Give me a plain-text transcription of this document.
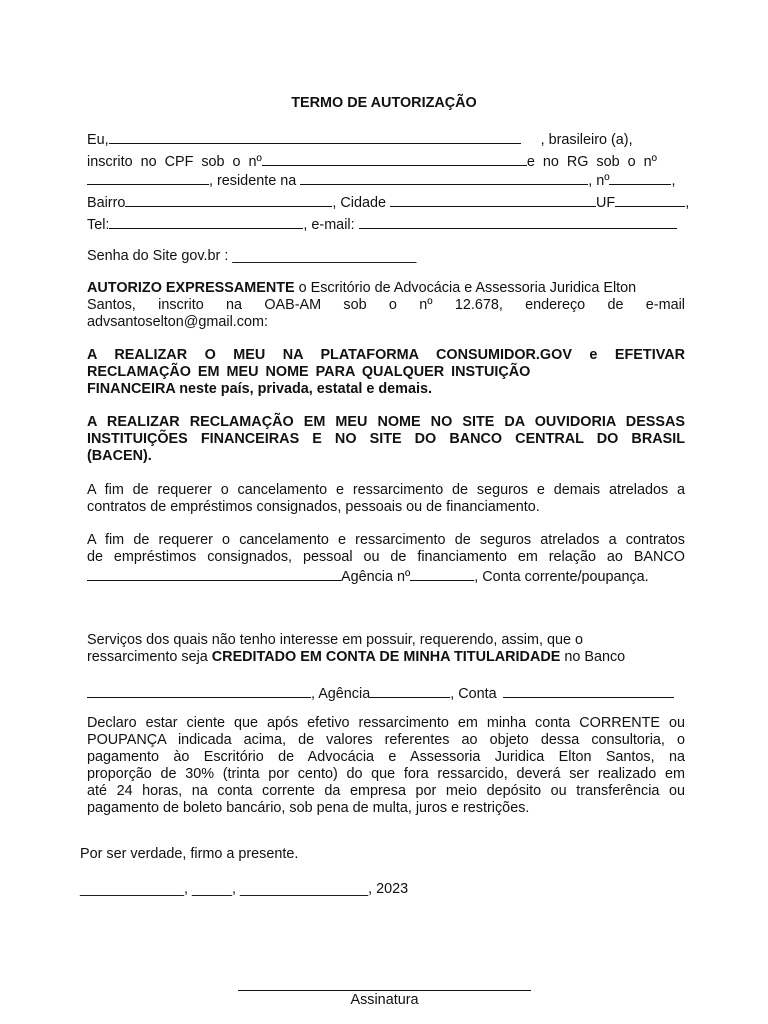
TERMO DE AUTORIZAÇÃO
Eu,	, brasileiro (a),
inscrito  no  CPF  sob  o  nº	e  no  RG  sob  o  nº
, residente na	, nº	,
Bairro	, Cidade	UF	,
Tel:	, e-mail:
Senha do Site gov.br : _______________________
AUTORIZO EXPRESSAMENTE o Escritório de Advocácia e Assessoria Juridica Elton
Santos, inscrito na OAB-AM sob o nº 12.678, endereço de e-mail
advsantoselton@gmail.com:
A REALIZAR O MEU NA PLATAFORMA CONSUMIDOR.GOV e EFETIVAR
RECLAMAÇÃO EM MEU NOME PARA QUALQUER INSTUIÇÃO
FINANCEIRA neste país, privada, estatal e demais.
A REALIZAR RECLAMAÇÃO EM MEU NOME NO SITE DA OUVIDORIA DESSAS
INSTITUIÇÕES FINANCEIRAS E NO SITE DO BANCO CENTRAL DO BRASIL
(BACEN).
A fim de requerer o cancelamento e ressarcimento de seguros e demais atrelados a
contratos de empréstimos consignados, pessoais ou de financiamento.
A fim de requerer o cancelamento e ressarcimento de seguros atrelados a contratos
de empréstimos consignados, pessoal ou de financiamento em relação ao BANCO
Agência nº	, Conta corrente/poupança.
Serviços dos quais não tenho interesse em possuir, requerendo, assim, que o
ressarcimento seja CREDITADO EM CONTA DE MINHA TITULARIDADE no Banco
, Agência	, Conta
Declaro estar ciente que após efetivo ressarcimento em minha conta CORRENTE ou
POUPANÇA indicada acima, de valores referentes ao objeto dessa consultoria, o
pagamento ào Escritório de Advocácia e Assessoria Juridica Elton Santos, na
proporção de 30% (trinta por cento) do que fora ressarcido, deverá ser realizado em
até 24 horas, na conta corrente da empresa por meio depósito ou transferência ou
pagamento de boleto bancário, sob pena de multa, juros e restrições.
Por ser verdade, firmo a presente.
_____________, _____, ________________, 2023
Assinatura
